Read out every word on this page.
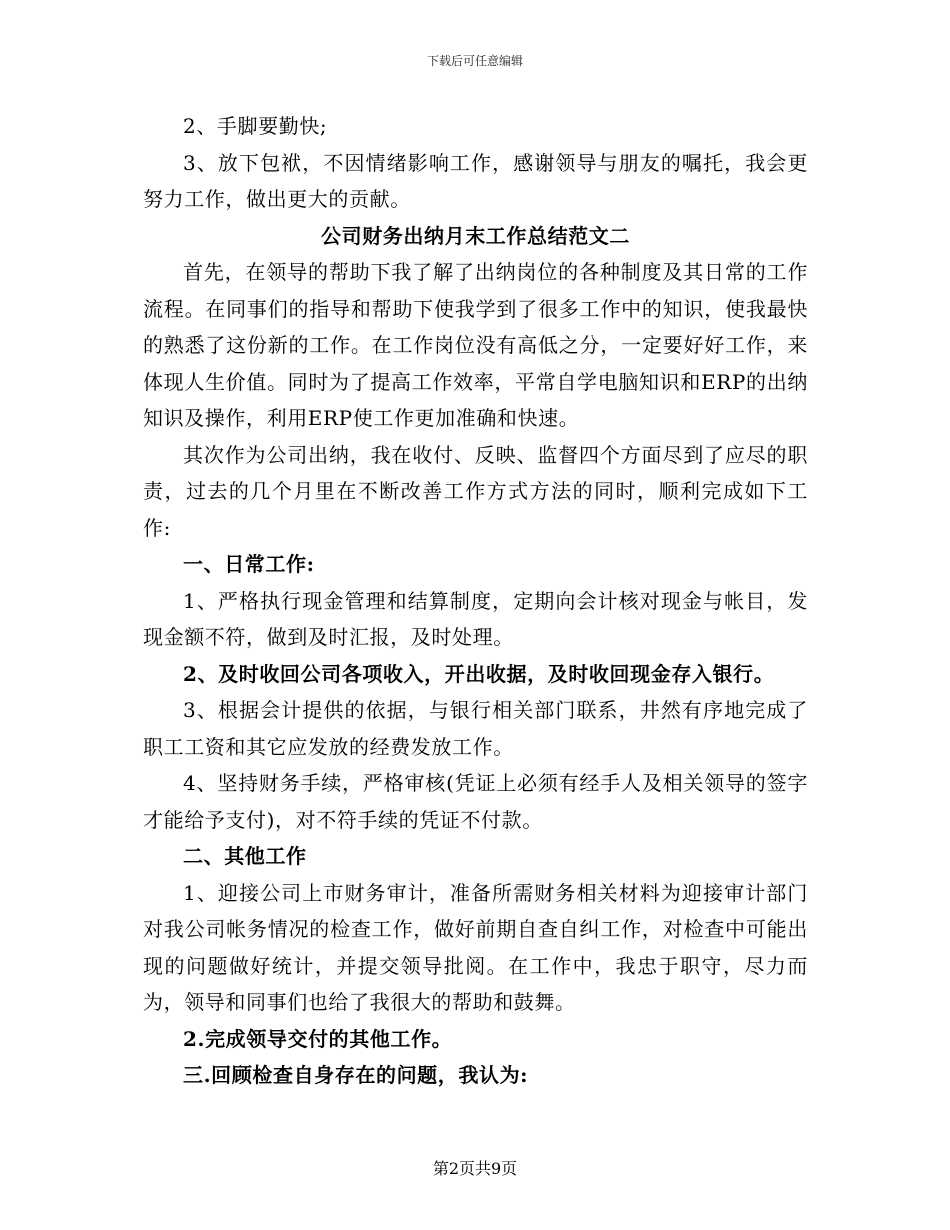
下载后可任意编辑

2、手脚要勤快;

3、放下包袱，不因情绪影响工作，感谢领导与朋友的嘱托，我会更努力工作，做出更大的贡献。

公司财务出纳月末工作总结范文二

首先，在领导的帮助下我了解了出纳岗位的各种制度及其日常的工作流程。在同事们的指导和帮助下使我学到了很多工作中的知识，使我最快的熟悉了这份新的工作。在工作岗位没有高低之分，一定要好好工作，来体现人生价值。同时为了提高工作效率，平常自学电脑知识和ERP的出纳知识及操作，利用ERP使工作更加准确和快速。

其次作为公司出纳，我在收付、反映、监督四个方面尽到了应尽的职责，过去的几个月里在不断改善工作方式方法的同时，顺利完成如下工作:

一、日常工作:

1、严格执行现金管理和结算制度，定期向会计核对现金与帐目，发现金额不符，做到及时汇报，及时处理。

2、及时收回公司各项收入，开出收据，及时收回现金存入银行。

3、根据会计提供的依据，与银行相关部门联系，井然有序地完成了职工工资和其它应发放的经费发放工作。

4、坚持财务手续，严格审核(凭证上必须有经手人及相关领导的签字才能给予支付)，对不符手续的凭证不付款。

二、其他工作

1、迎接公司上市财务审计，准备所需财务相关材料为迎接审计部门对我公司帐务情况的检查工作，做好前期自查自纠工作，对检查中可能出现的问题做好统计，并提交领导批阅。在工作中，我忠于职守，尽力而为，领导和同事们也给了我很大的帮助和鼓舞。

2.完成领导交付的其他工作。

三.回顾检查自身存在的问题，我认为:

第2页共9页
